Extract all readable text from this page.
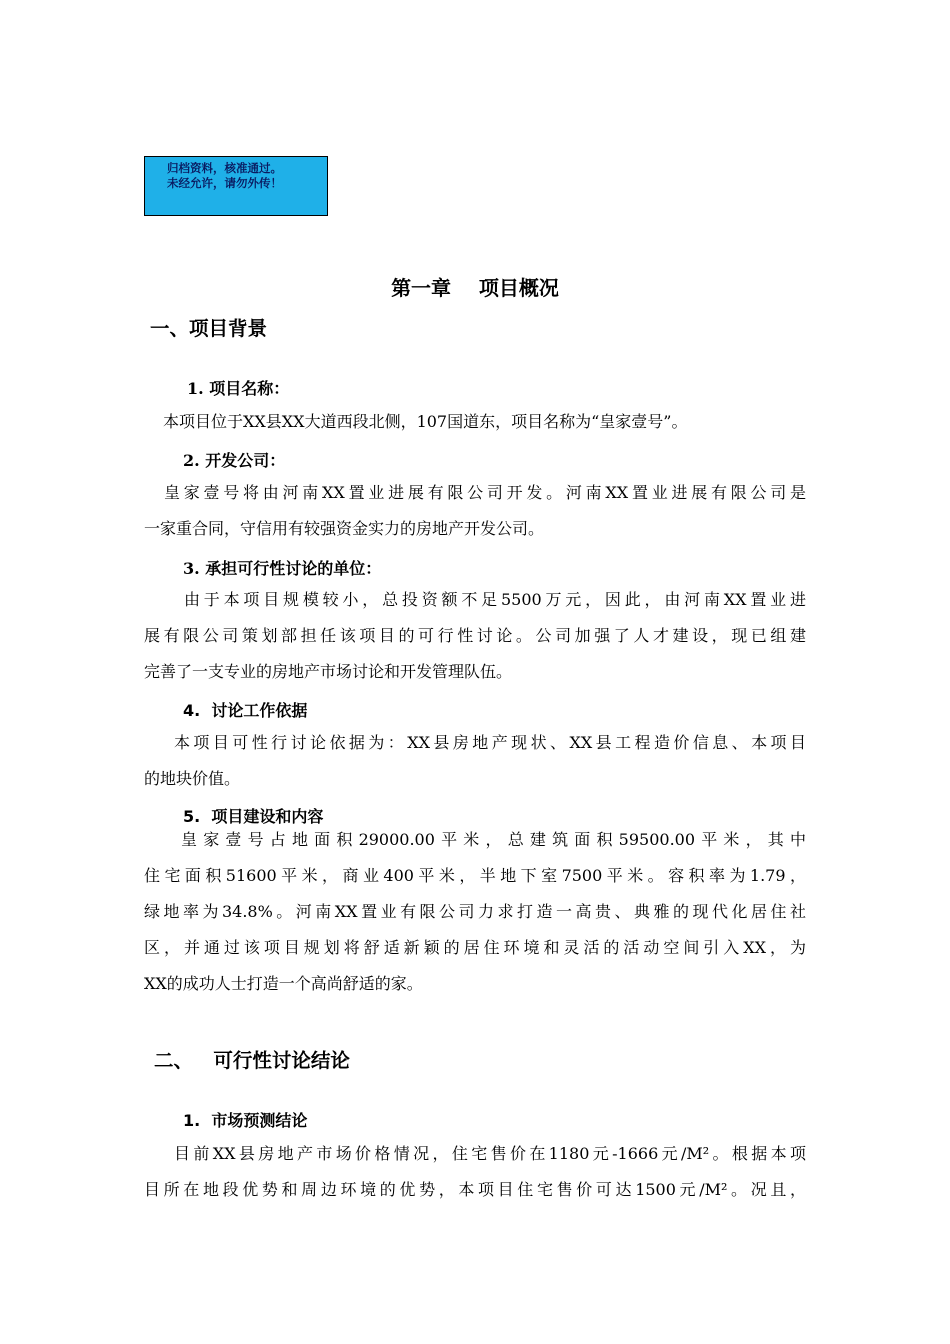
归档资料，核准通过。
未经允许，请勿外传！
第一章    项目概况
一、项目背景
1. 项目名称：
本项目位于XX县XX大道西段北侧，107国道东，项目名称为“皇家壹号”。
2. 开发公司：
皇家壹号将由河南XX置业进展有限公司开发。河南XX置业进展有限公司是
一家重合同，守信用有较强资金实力的房地产开发公司。
3. 承担可行性讨论的单位：
由于本项目规模较小，总投资额不足5500万元，因此，由河南XX置业进
展有限公司策划部担任该项目的可行性讨论。公司加强了人才建设，现已组建
完善了一支专业的房地产市场讨论和开发管理队伍。
4.  讨论工作依据
本项目可性行讨论依据为：XX县房地产现状、XX县工程造价信息、本项目
的地块价值。
5.  项目建设和内容
皇家壹号占地面积29000.00平米，总建筑面积59500.00平米，其中
住宅面积51600平米，商业400平米，半地下室7500平米。容积率为1.79，
绿地率为34.8%。河南XX置业有限公司力求打造一高贵、典雅的现代化居住社
区，并通过该项目规划将舒适新颖的居住环境和灵活的活动空间引入XX，为
XX的成功人士打造一个高尚舒适的家。
二、   可行性讨论结论
1.  市场预测结论
目前XX县房地产市场价格情况，住宅售价在1180元-1666元/M²。根据本项
目所在地段优势和周边环境的优势，本项目住宅售价可达1500元/M²。况且，
